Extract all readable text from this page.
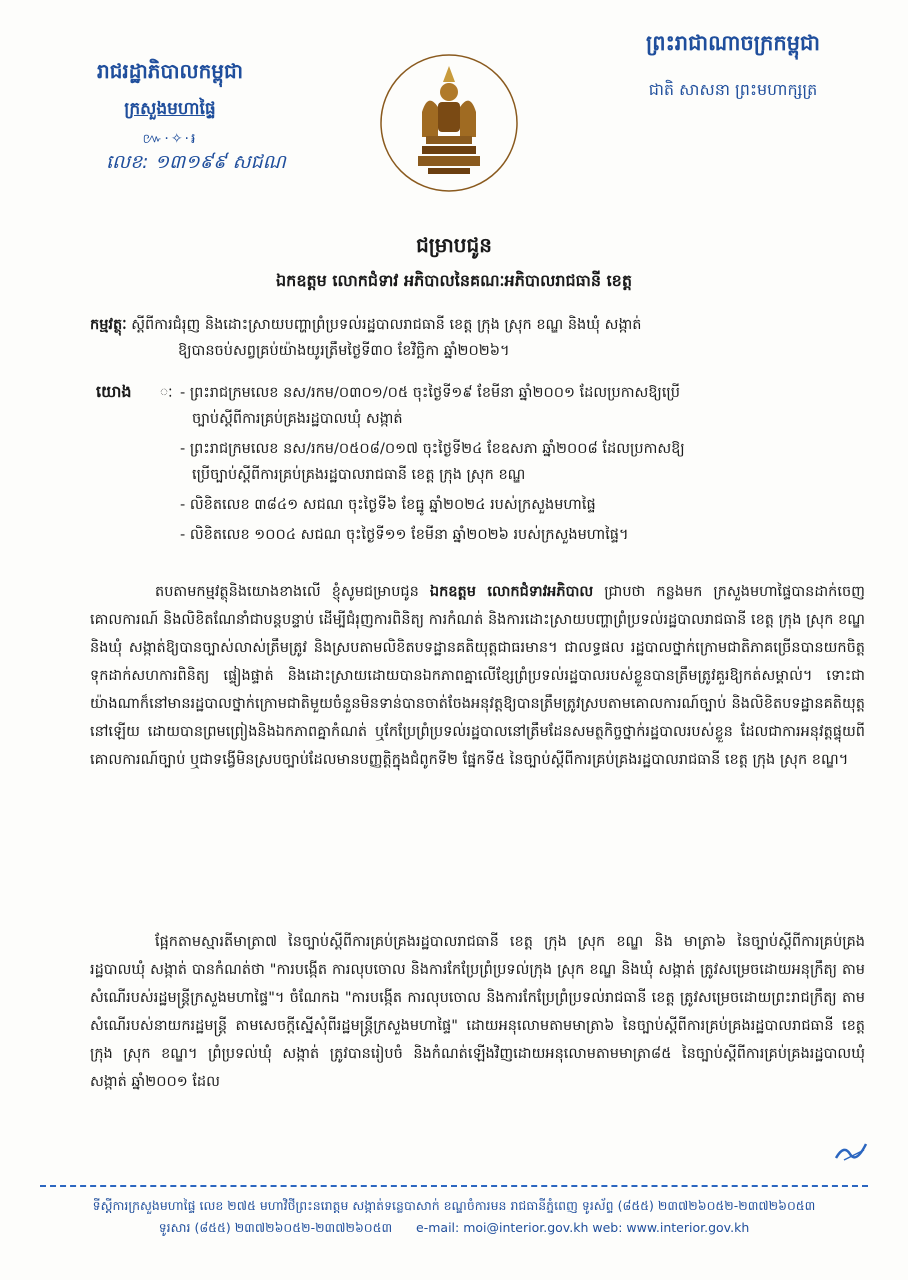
រាជរដ្ឋាភិបាលកម្ពុជា
ក្រសួងមហាផ្ទៃ
៚·✧·៛
លេខ: ១៣១៩៩ សជណ
ព្រះរាជាណាចក្រកម្ពុជា
ជាតិ សាសនា ព្រះមហាក្សត្រ
ជម្រាបជូន
ឯកឧត្តម លោកជំទាវ អភិបាលនៃគណៈអភិបាលរាជធានី ខេត្ត
កម្មវត្ថុៈ ស្តីពីការជំរុញ និងដោះស្រាយបញ្ហាព្រំប្រទល់រដ្ឋបាលរាជធានី ខេត្ត ក្រុង ស្រុក ខណ្ឌ និងឃុំ សង្កាត់
ឱ្យបានចប់សព្វគ្រប់យ៉ាងយូរត្រឹមថ្ងៃទី៣០ ខែវិច្ឆិកា ឆ្នាំ២០២៦។
យោង ៈ - ព្រះរាជក្រមលេខ នស/រកម/០៣០១/០៥ ចុះថ្ងៃទី១៩ ខែមីនា ឆ្នាំ២០០១ ដែលប្រកាសឱ្យប្រើ
ច្បាប់ស្តីពីការគ្រប់គ្រងរដ្ឋបាលឃុំ សង្កាត់
- ព្រះរាជក្រមលេខ នស/រកម/០៥០៨/០១៧ ចុះថ្ងៃទី២៤ ខែឧសភា ឆ្នាំ២០០៨ ដែលប្រកាសឱ្យ
ប្រើច្បាប់ស្តីពីការគ្រប់គ្រងរដ្ឋបាលរាជធានី ខេត្ត ក្រុង ស្រុក ខណ្ឌ
- លិខិតលេខ ៣៨៤១ សជណ ចុះថ្ងៃទី៦ ខែធ្នូ ឆ្នាំ២០២៤ របស់ក្រសួងមហាផ្ទៃ
- លិខិតលេខ ១០០៤ សជណ ចុះថ្ងៃទី១១ ខែមីនា ឆ្នាំ២០២៦ របស់ក្រសួងមហាផ្ទៃ។
តបតាមកម្មវត្ថុនិងយោងខាងលើ ខ្ញុំសូមជម្រាបជូន ឯកឧត្តម លោកជំទាវអភិបាល ជ្រាបថា កន្លងមក ក្រសួងមហាផ្ទៃបានដាក់ចេញគោលការណ៍ និងលិខិតណែនាំជាបន្តបន្ទាប់ ដើម្បីជំរុញការពិនិត្យ ការកំណត់ និងការដោះស្រាយបញ្ហាព្រំប្រទល់រដ្ឋបាលរាជធានី ខេត្ត ក្រុង ស្រុក ខណ្ឌ និងឃុំ សង្កាត់ឱ្យបានច្បាស់លាស់ត្រឹមត្រូវ និងស្របតាមលិខិតបទដ្ឋានគតិយុត្តជាធរមាន។ ជាលទ្ធផល រដ្ឋបាលថ្នាក់ក្រោមជាតិភាគច្រើនបានយកចិត្តទុកដាក់សហការពិនិត្យ ផ្ទៀងផ្ទាត់ និងដោះស្រាយដោយបានឯកភាពគ្នាលើខ្សែព្រំប្រទល់រដ្ឋបាលរបស់ខ្លួនបានត្រឹមត្រូវគួរឱ្យកត់សម្គាល់។ ទោះជាយ៉ាងណាក៏នៅមានរដ្ឋបាលថ្នាក់ក្រោមជាតិមួយចំនួនមិនទាន់បានចាត់ចែងអនុវត្តឱ្យបានត្រឹមត្រូវស្របតាមគោលការណ៍ច្បាប់ និងលិខិតបទដ្ឋានគតិយុត្តនៅឡើយ ដោយបានព្រមព្រៀងនិងឯកភាពគ្នាកំណត់ ឬកែប្រែព្រំប្រទល់រដ្ឋបាលនៅត្រឹមដែនសមត្ថកិច្ចថ្នាក់រដ្ឋបាលរបស់ខ្លួន ដែលជាការអនុវត្តផ្ទុយពីគោលការណ៍ច្បាប់ ឬជាទង្វើមិនស្របច្បាប់ដែលមានបញ្ញត្តិក្នុងជំពូកទី២ ផ្នែកទី៥ នៃច្បាប់ស្តីពីការគ្រប់គ្រងរដ្ឋបាលរាជធានី ខេត្ត ក្រុង ស្រុក ខណ្ឌ។
ផ្អែកតាមស្មារតីមាត្រា៧ នៃច្បាប់ស្តីពីការគ្រប់គ្រងរដ្ឋបាលរាជធានី ខេត្ត ក្រុង ស្រុក ខណ្ឌ និង មាត្រា៦ នៃច្បាប់ស្តីពីការគ្រប់គ្រងរដ្ឋបាលឃុំ សង្កាត់ បានកំណត់ថា "ការបង្កើត ការលុបចោល និងការកែប្រែព្រំប្រទល់ក្រុង ស្រុក ខណ្ឌ និងឃុំ សង្កាត់ ត្រូវសម្រេចដោយអនុក្រឹត្យ តាមសំណើរបស់រដ្ឋមន្ត្រីក្រសួងមហាផ្ទៃ"។ ចំណែកឯ "ការបង្កើត ការលុបចោល និងការកែប្រែព្រំប្រទល់រាជធានី ខេត្ត ត្រូវសម្រេចដោយព្រះរាជក្រឹត្យ តាមសំណើរបស់នាយករដ្ឋមន្ត្រី តាមសេចក្តីស្នើសុំពីរដ្ឋមន្ត្រីក្រសួងមហាផ្ទៃ" ដោយអនុលោមតាមមាត្រា៦ នៃច្បាប់ស្តីពីការគ្រប់គ្រងរដ្ឋបាលរាជធានី ខេត្ត ក្រុង ស្រុក ខណ្ឌ។ ព្រំប្រទល់ឃុំ សង្កាត់ ត្រូវបានរៀបចំ និងកំណត់ឡើងវិញដោយអនុលោមតាមមាត្រា៨៥ នៃច្បាប់ស្តីពីការគ្រប់គ្រងរដ្ឋបាលឃុំ សង្កាត់ ឆ្នាំ២០០១ ដែល
ទីស្តីការក្រសួងមហាផ្ទៃ លេខ ២៧៥ មហាវិថីព្រះនរោត្តម សង្កាត់ទន្លេបាសាក់ ខណ្ឌចំការមន រាជធានីភ្នំពេញ ទូរស័ព្ទ (៨៥៥) ២៣៧២៦០៥២-២៣៧២៦០៥៣
ទូរសារ (៨៥៥) ២៣៧២៦០៥២-២៣៧២៦០៥៣ e-mail: moi@interior.gov.kh web: www.interior.gov.kh
